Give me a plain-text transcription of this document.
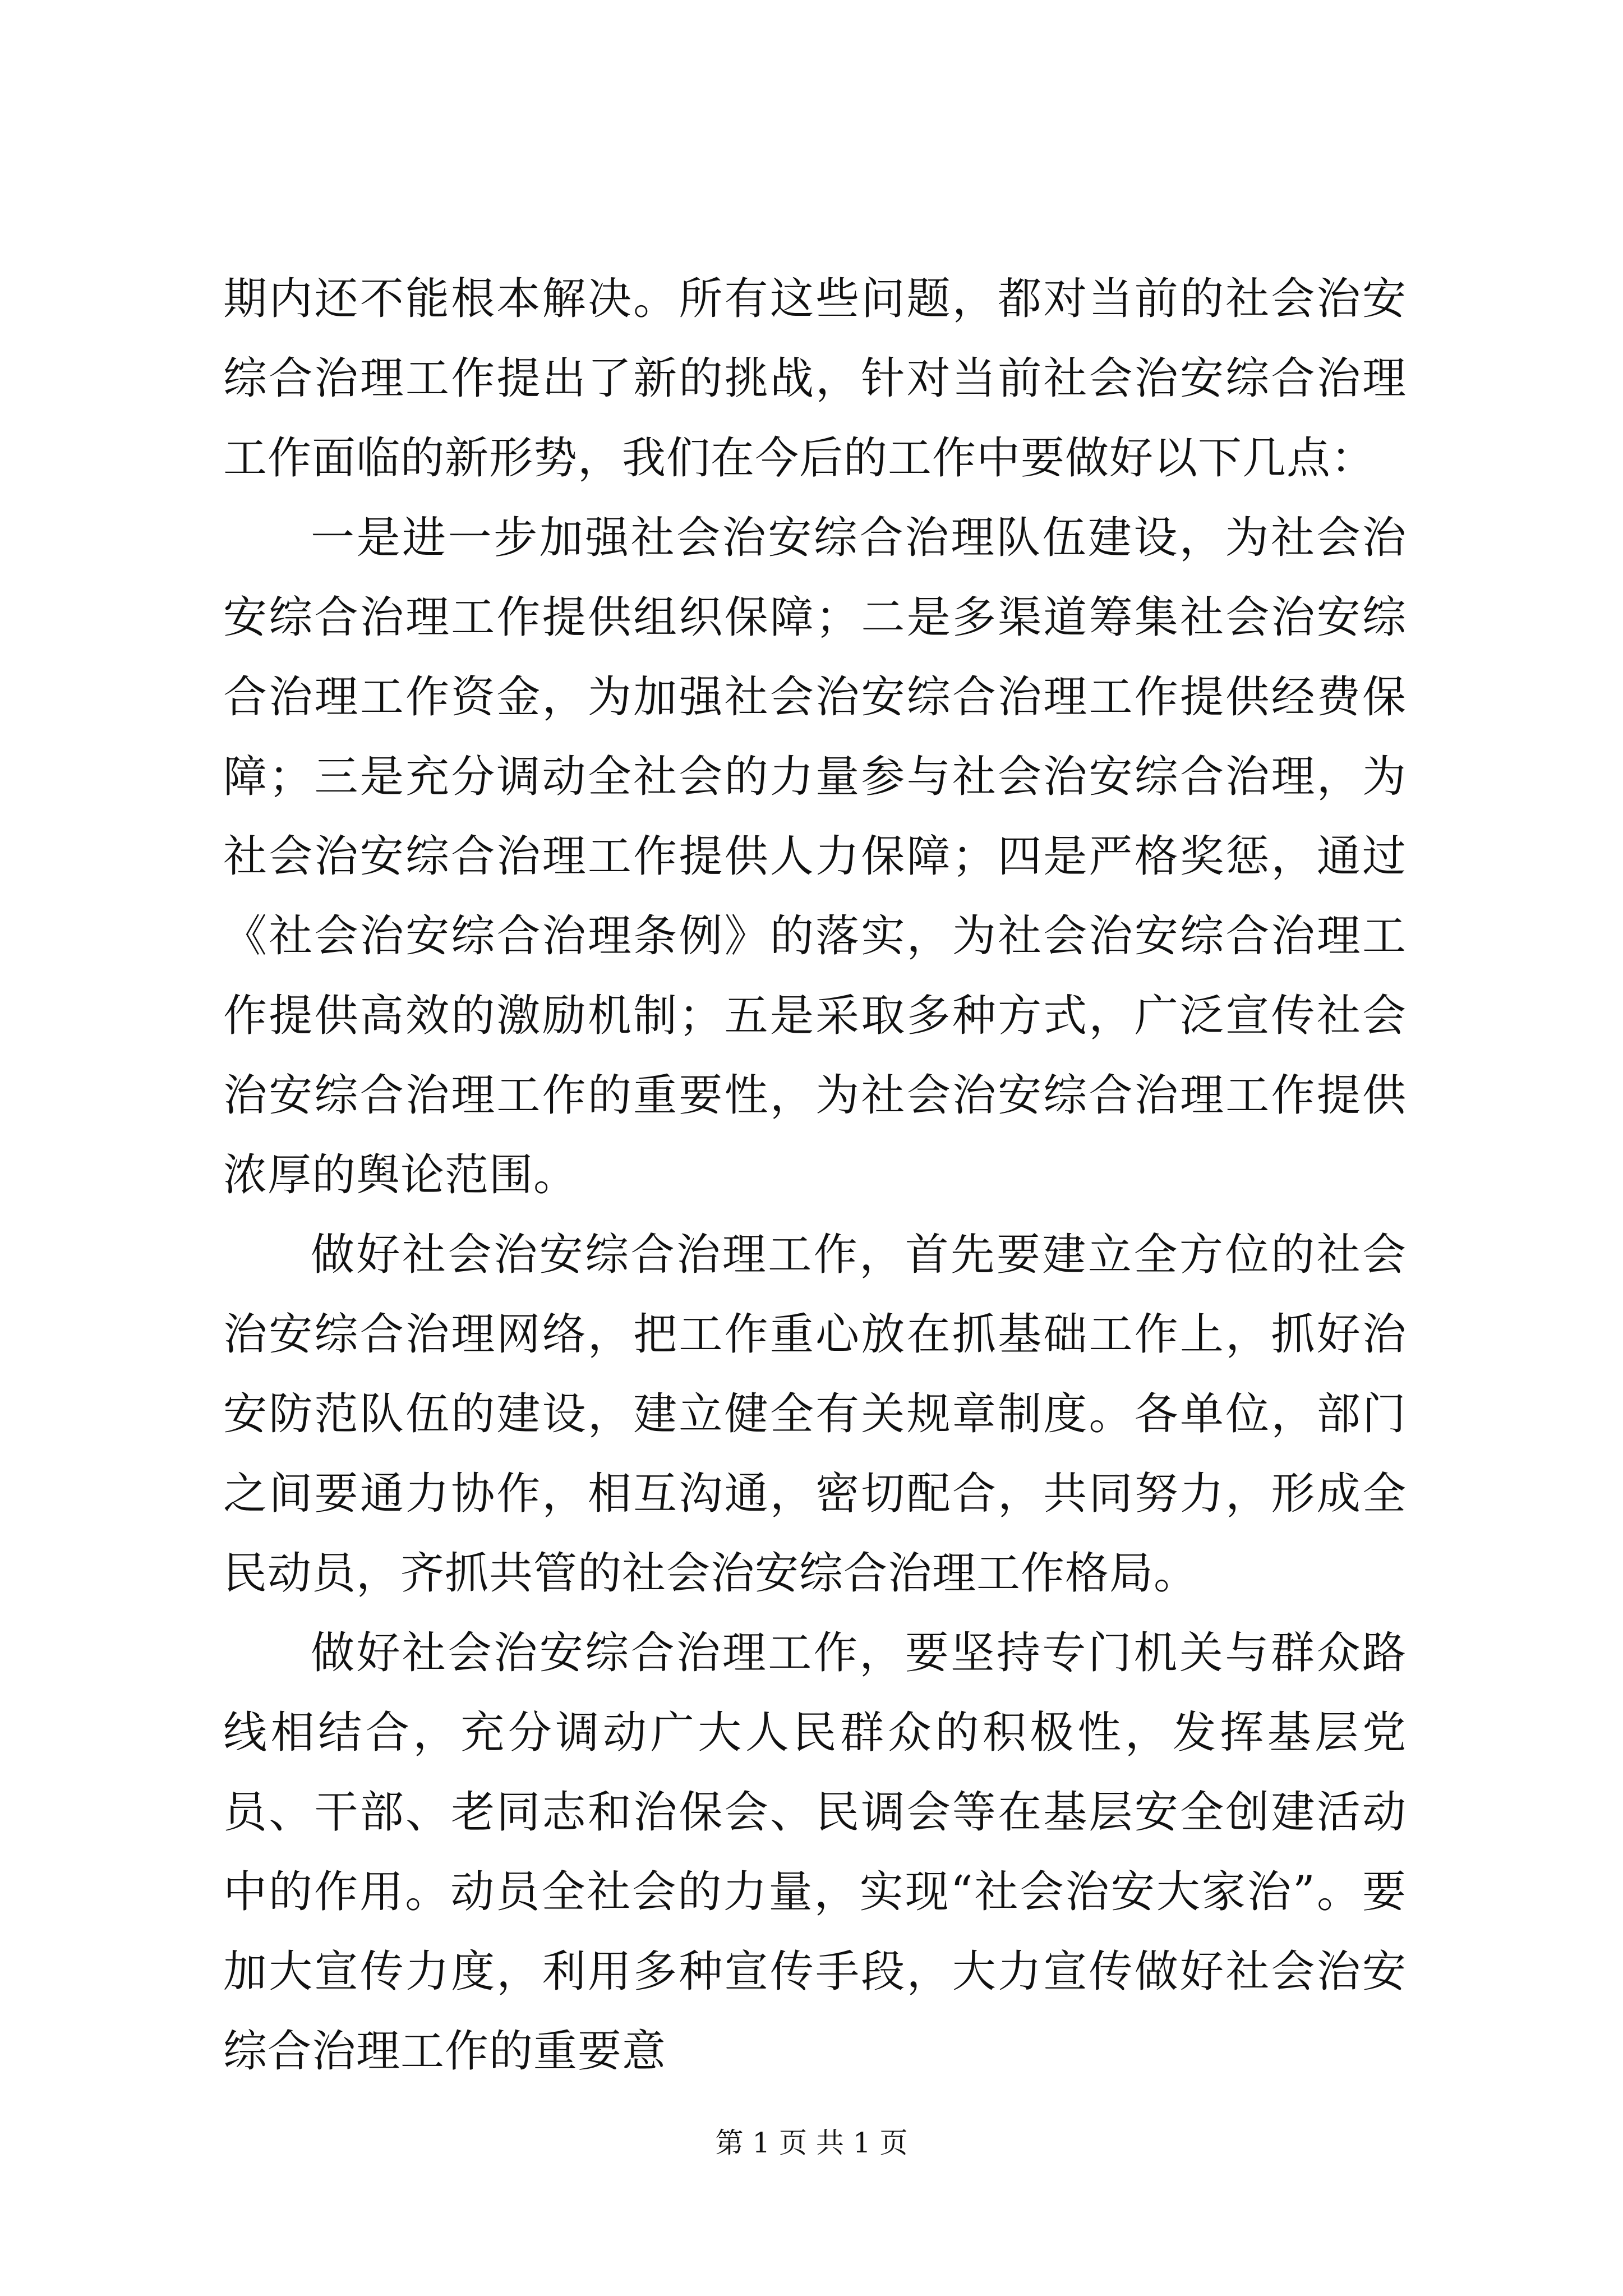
期内还不能根本解决。所有这些问题，都对当前的社会治安综合治理工作提出了新的挑战，针对当前社会治安综合治理工作面临的新形势，我们在今后的工作中要做好以下几点：

一是进一步加强社会治安综合治理队伍建设，为社会治安综合治理工作提供组织保障；二是多渠道筹集社会治安综合治理工作资金，为加强社会治安综合治理工作提供经费保障；三是充分调动全社会的力量参与社会治安综合治理，为社会治安综合治理工作提供人力保障；四是严格奖惩，通过《社会治安综合治理条例》的落实，为社会治安综合治理工作提供高效的激励机制；五是采取多种方式，广泛宣传社会治安综合治理工作的重要性，为社会治安综合治理工作提供浓厚的舆论范围。

做好社会治安综合治理工作，首先要建立全方位的社会治安综合治理网络，把工作重心放在抓基础工作上，抓好治安防范队伍的建设，建立健全有关规章制度。各单位，部门之间要通力协作，相互沟通，密切配合，共同努力，形成全民动员，齐抓共管的社会治安综合治理工作格局。

做好社会治安综合治理工作，要坚持专门机关与群众路线相结合，充分调动广大人民群众的积极性，发挥基层党员、干部、老同志和治保会、民调会等在基层安全创建活动中的作用。动员全社会的力量，实现“社会治安大家治”。要加大宣传力度，利用多种宣传手段，大力宣传做好社会治安综合治理工作的重要意

第 1 页 共 1 页
